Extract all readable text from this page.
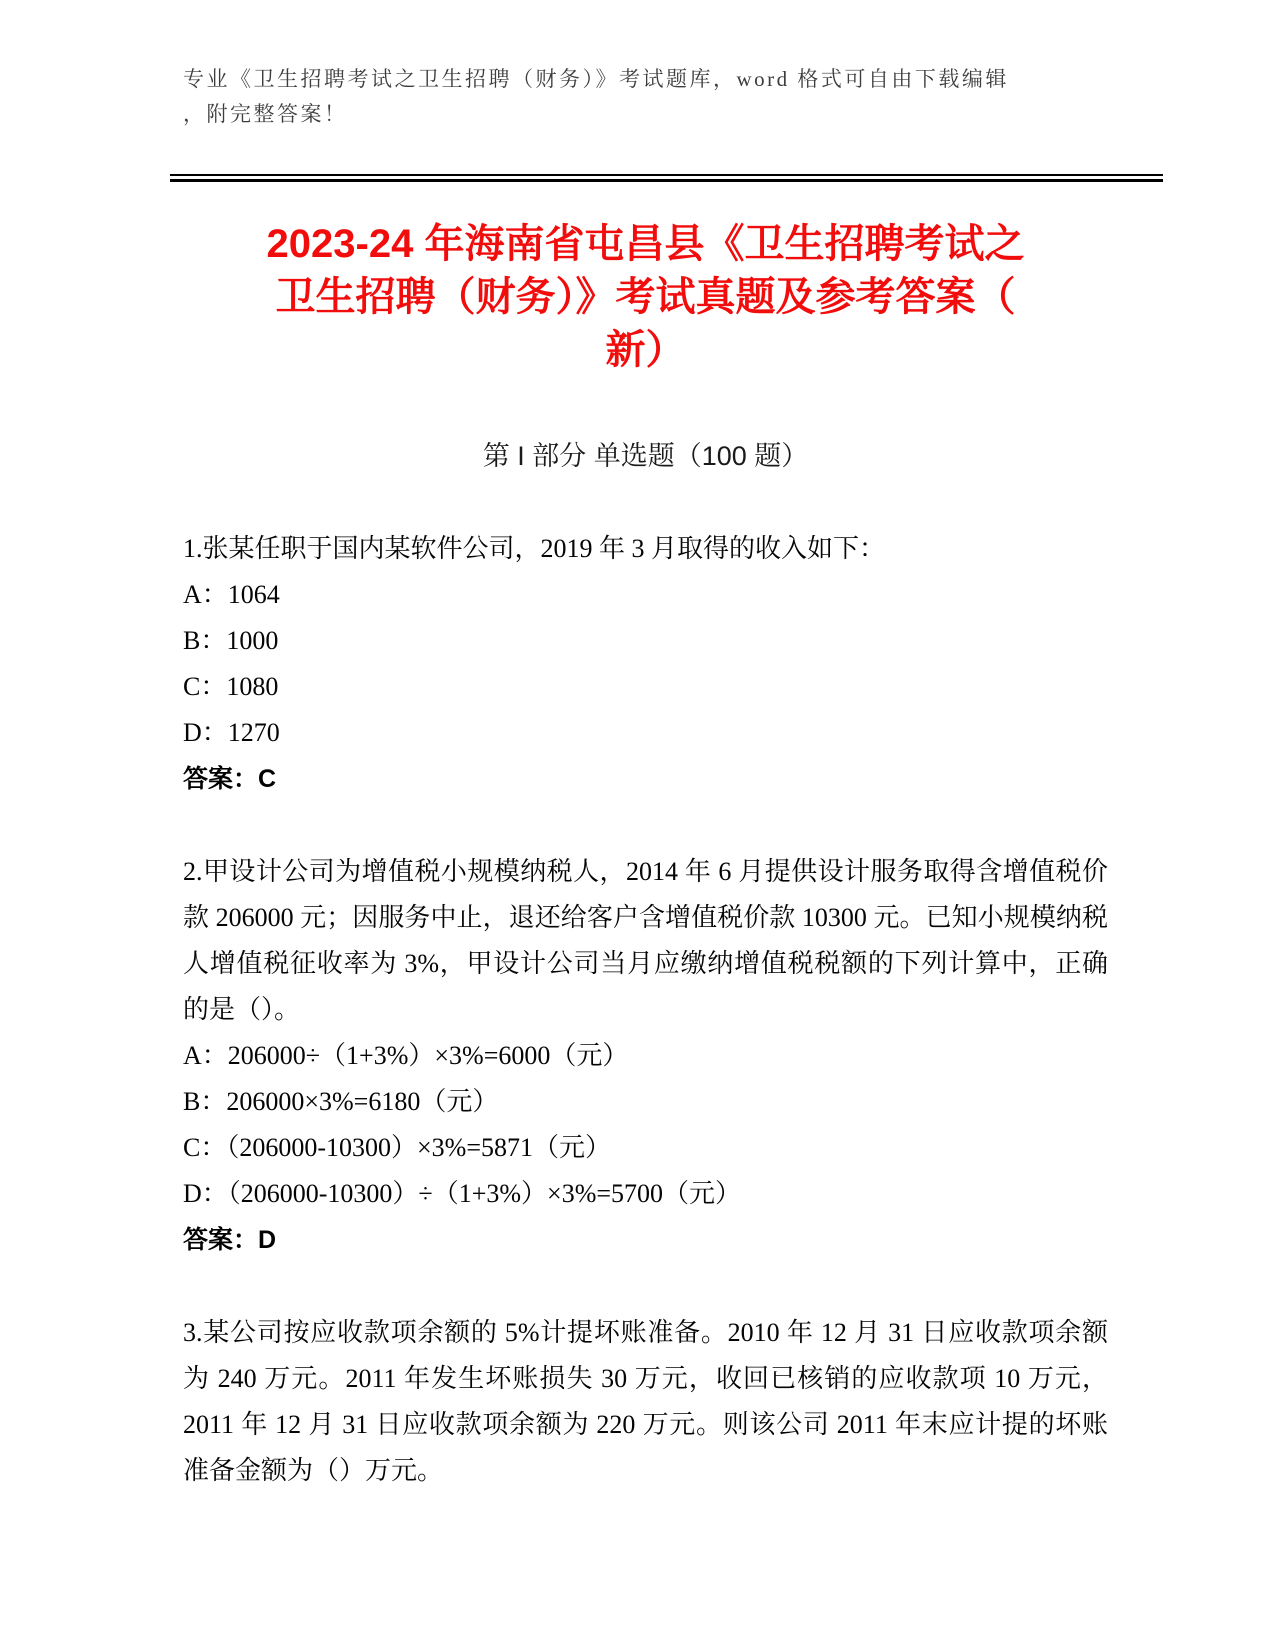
专业《卫生招聘考试之卫生招聘（财务）》考试题库，word 格式可自由下载编辑
，附完整答案！
2023-24 年海南省屯昌县《卫生招聘考试之
卫生招聘（财务）》考试真题及参考答案（
新）
第 I 部分 单选题（100 题）

1.张某任职于国内某软件公司，2019 年 3 月取得的收入如下：

A：1064

B：1000

C：1080

D：1270

答案：C

2.甲设计公司为增值税小规模纳税人，2014 年 6 月提供设计服务取得含增值税价款 206000 元；因服务中止，退还给客户含增值税价款 10300 元。已知小规模纳税人增值税征收率为 3%，甲设计公司当月应缴纳增值税税额的下列计算中，正确的是（）。

A：206000÷（1+3%）×3%=6000（元）

B：206000×3%=6180（元）

C：（206000-10300）×3%=5871（元）

D：（206000-10300）÷（1+3%）×3%=5700（元）

答案：D

3.某公司按应收款项余额的 5%计提坏账准备。2010 年 12 月 31 日应收款项余额为 240 万元。2011 年发生坏账损失 30 万元，收回已核销的应收款项 10 万元，2011 年 12 月 31 日应收款项余额为 220 万元。则该公司 2011 年末应计提的坏账准备金额为（）万元。
